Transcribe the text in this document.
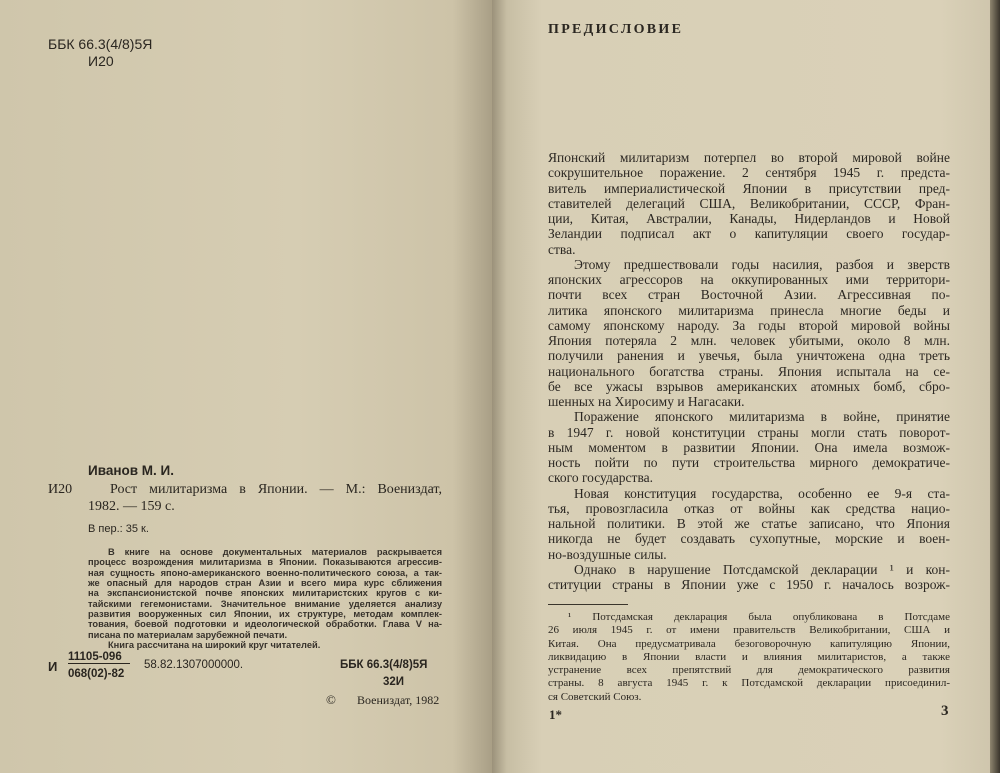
ББК 66.3(4/8)5Я
И20
Иванов М. И.
И20	Рост милитаризма в Японии. — М.: Воениздат,
1982. — 159 с.
В пер.: 35 к.
В книге на основе документальных материалов раскрывается
процесс возрождения милитаризма в Японии. Показываются агрессив-
ная сущность японо-американского военно-политического союза, а так-
же опасный для народов стран Азии и всего мира курс сближения
на экспансионистской почве японских милитаристских кругов с ки-
тайскими гегемонистами. Значительное внимание уделяется анализу
развития вооруженных сил Японии, их структуре, методам комплек-
тования, боевой подготовки и идеологической обработки. Глава V на-
писана по материалам зарубежной печати.
Книга рассчитана на широкий круг читателей.
И
11105-096
068(02)-82
58.82.1307000000.	ББК 66.3(4/8)5Я
32И
© Воениздат, 1982
ПРЕДИСЛОВИЕ
Японский милитаризм потерпел во второй мировой войне
сокрушительное поражение. 2 сентября 1945 г. предста-
витель империалистической Японии в присутствии пред-
ставителей делегаций США, Великобритании, СССР, Фран-
ции, Китая, Австралии, Канады, Нидерландов и Новой
Зеландии подписал акт о капитуляции своего государ-
ства.
Этому предшествовали годы насилия, разбоя и зверств
японских агрессоров на оккупированных ими территори-
почти всех стран Восточной Азии. Агрессивная по-
литика японского милитаризма принесла многие беды и
самому японскому народу. За годы второй мировой войны
Япония потеряла 2 млн. человек убитыми, около 8 млн.
получили ранения и увечья, была уничтожена одна треть
национального богатства страны. Япония испытала на се-
бе все ужасы взрывов американских атомных бомб, сбро-
шенных на Хиросиму и Нагасаки.
Поражение японского милитаризма в войне, принятие
в 1947 г. новой конституции страны могли стать поворот-
ным моментом в развитии Японии. Она имела возмож-
ность пойти по пути строительства мирного демократиче-
ского государства.
Новая конституция государства, особенно ее 9-я ста-
тья, провозгласила отказ от войны как средства нацио-
нальной политики. В этой же статье записано, что Япония
никогда не будет создавать сухопутные, морские и воен-
но-воздушные силы.
Однако в нарушение Потсдамской декларации ¹ и кон-
ституции страны в Японии уже с 1950 г. началось возрож-
¹ Потсдамская декларация была опубликована в Потсдаме
26 июля 1945 г. от имени правительств Великобритании, США и
Китая. Она предусматривала безоговорочную капитуляцию Японии,
ликвидацию в Японии власти и влияния милитаристов, а также
устранение всех препятствий для демократического развития
страны. 8 августа 1945 г. к Потсдамской декларации присоединил-
ся Советский Союз.
1*	3
